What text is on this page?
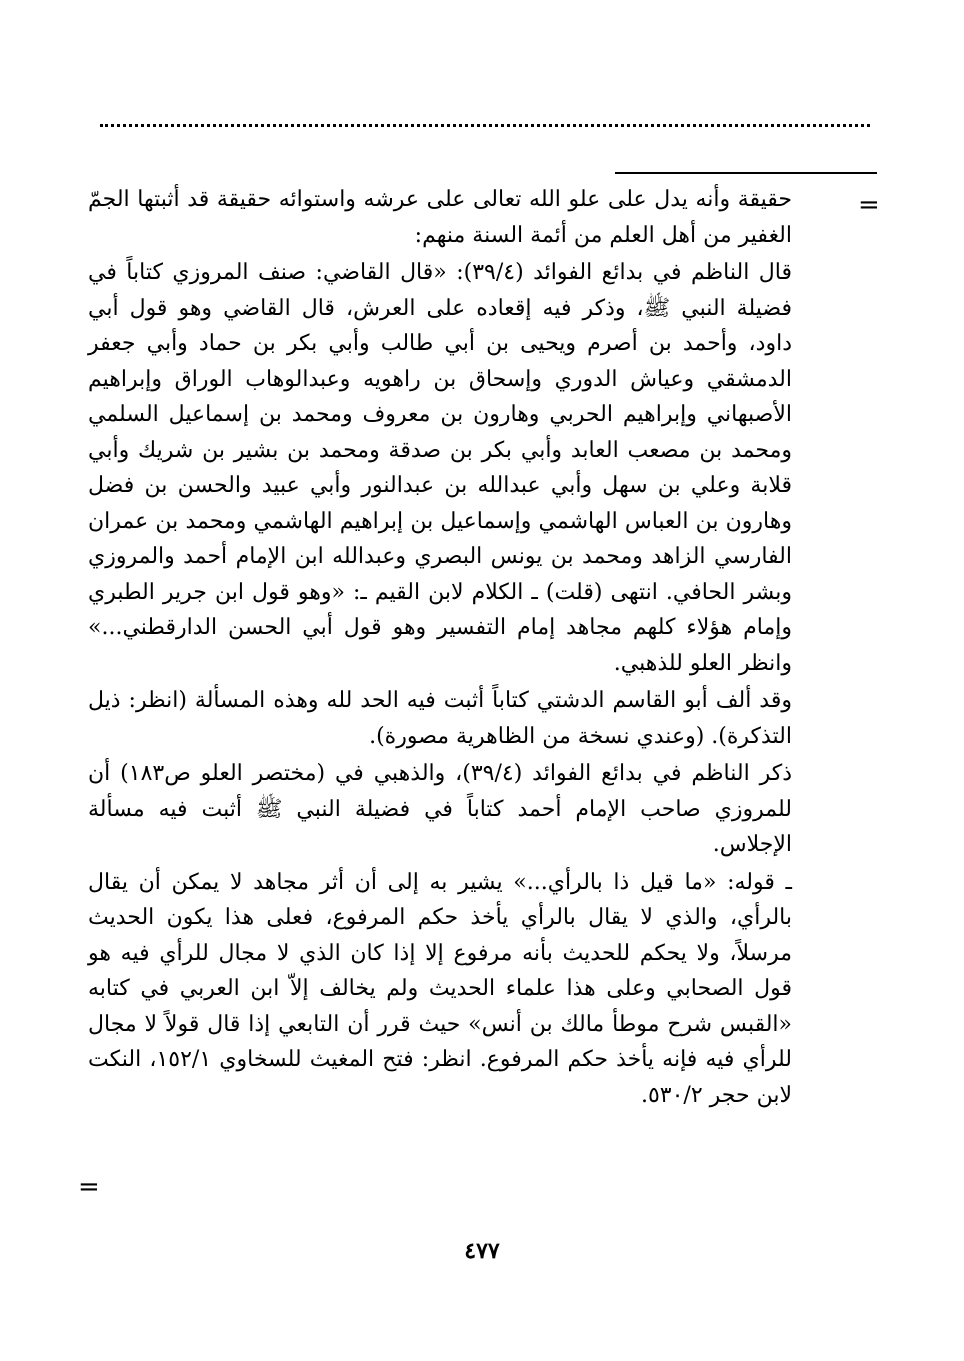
=

حقيقة وأنه يدل على علو الله تعالى على عرشه واستوائه حقيقة قد أثبتها الجمّ الغفير من أهل العلم من أئمة السنة منهم:

قال الناظم في بدائع الفوائد (٣٩/٤): «قال القاضي: صنف المروزي كتاباً في فضيلة النبي ﷺ، وذكر فيه إقعاده على العرش، قال القاضي وهو قول أبي داود، وأحمد بن أصرم ويحيى بن أبي طالب وأبي بكر بن حماد وأبي جعفر الدمشقي وعياش الدوري وإسحاق بن راهويه وعبدالوهاب الوراق وإبراهيم الأصبهاني وإبراهيم الحربي وهارون بن معروف ومحمد بن إسماعيل السلمي ومحمد بن مصعب العابد وأبي بكر بن صدقة ومحمد بن بشير بن شريك وأبي قلابة وعلي بن سهل وأبي عبدالله بن عبدالنور وأبي عبيد والحسن بن فضل وهارون بن العباس الهاشمي وإسماعيل بن إبراهيم الهاشمي ومحمد بن عمران الفارسي الزاهد ومحمد بن يونس البصري وعبدالله ابن الإمام أحمد والمروزي وبشر الحافي. انتهى (قلت) ـ الكلام لابن القيم ـ: «وهو قول ابن جرير الطبري وإمام هؤلاء كلهم مجاهد إمام التفسير وهو قول أبي الحسن الدارقطني...» وانظر العلو للذهبي.

وقد ألف أبو القاسم الدشتي كتاباً أثبت فيه الحد لله وهذه المسألة (انظر: ذيل التذكرة). (وعندي نسخة من الظاهرية مصورة).

ذكر الناظم في بدائع الفوائد (٣٩/٤)، والذهبي في (مختصر العلو ص١٨٣) أن للمروزي صاحب الإمام أحمد كتاباً في فضيلة النبي ﷺ أثبت فيه مسألة الإجلاس.

ـ قوله: «ما قيل ذا بالرأي...» يشير به إلى أن أثر مجاهد لا يمكن أن يقال بالرأي، والذي لا يقال بالرأي يأخذ حكم المرفوع، فعلى هذا يكون الحديث مرسلاً، ولا يحكم للحديث بأنه مرفوع إلا إذا كان الذي لا مجال للرأي فيه هو قول الصحابي وعلى هذا علماء الحديث ولم يخالف إلاّ ابن العربي في كتابه «القبس شرح موطأ مالك بن أنس» حيث قرر أن التابعي إذا قال قولاً لا مجال للرأي فيه فإنه يأخذ حكم المرفوع. انظر: فتح المغيث للسخاوي ١٥٢/١، النكت لابن حجر ٥٣٠/٢.

=
٤٧٧
